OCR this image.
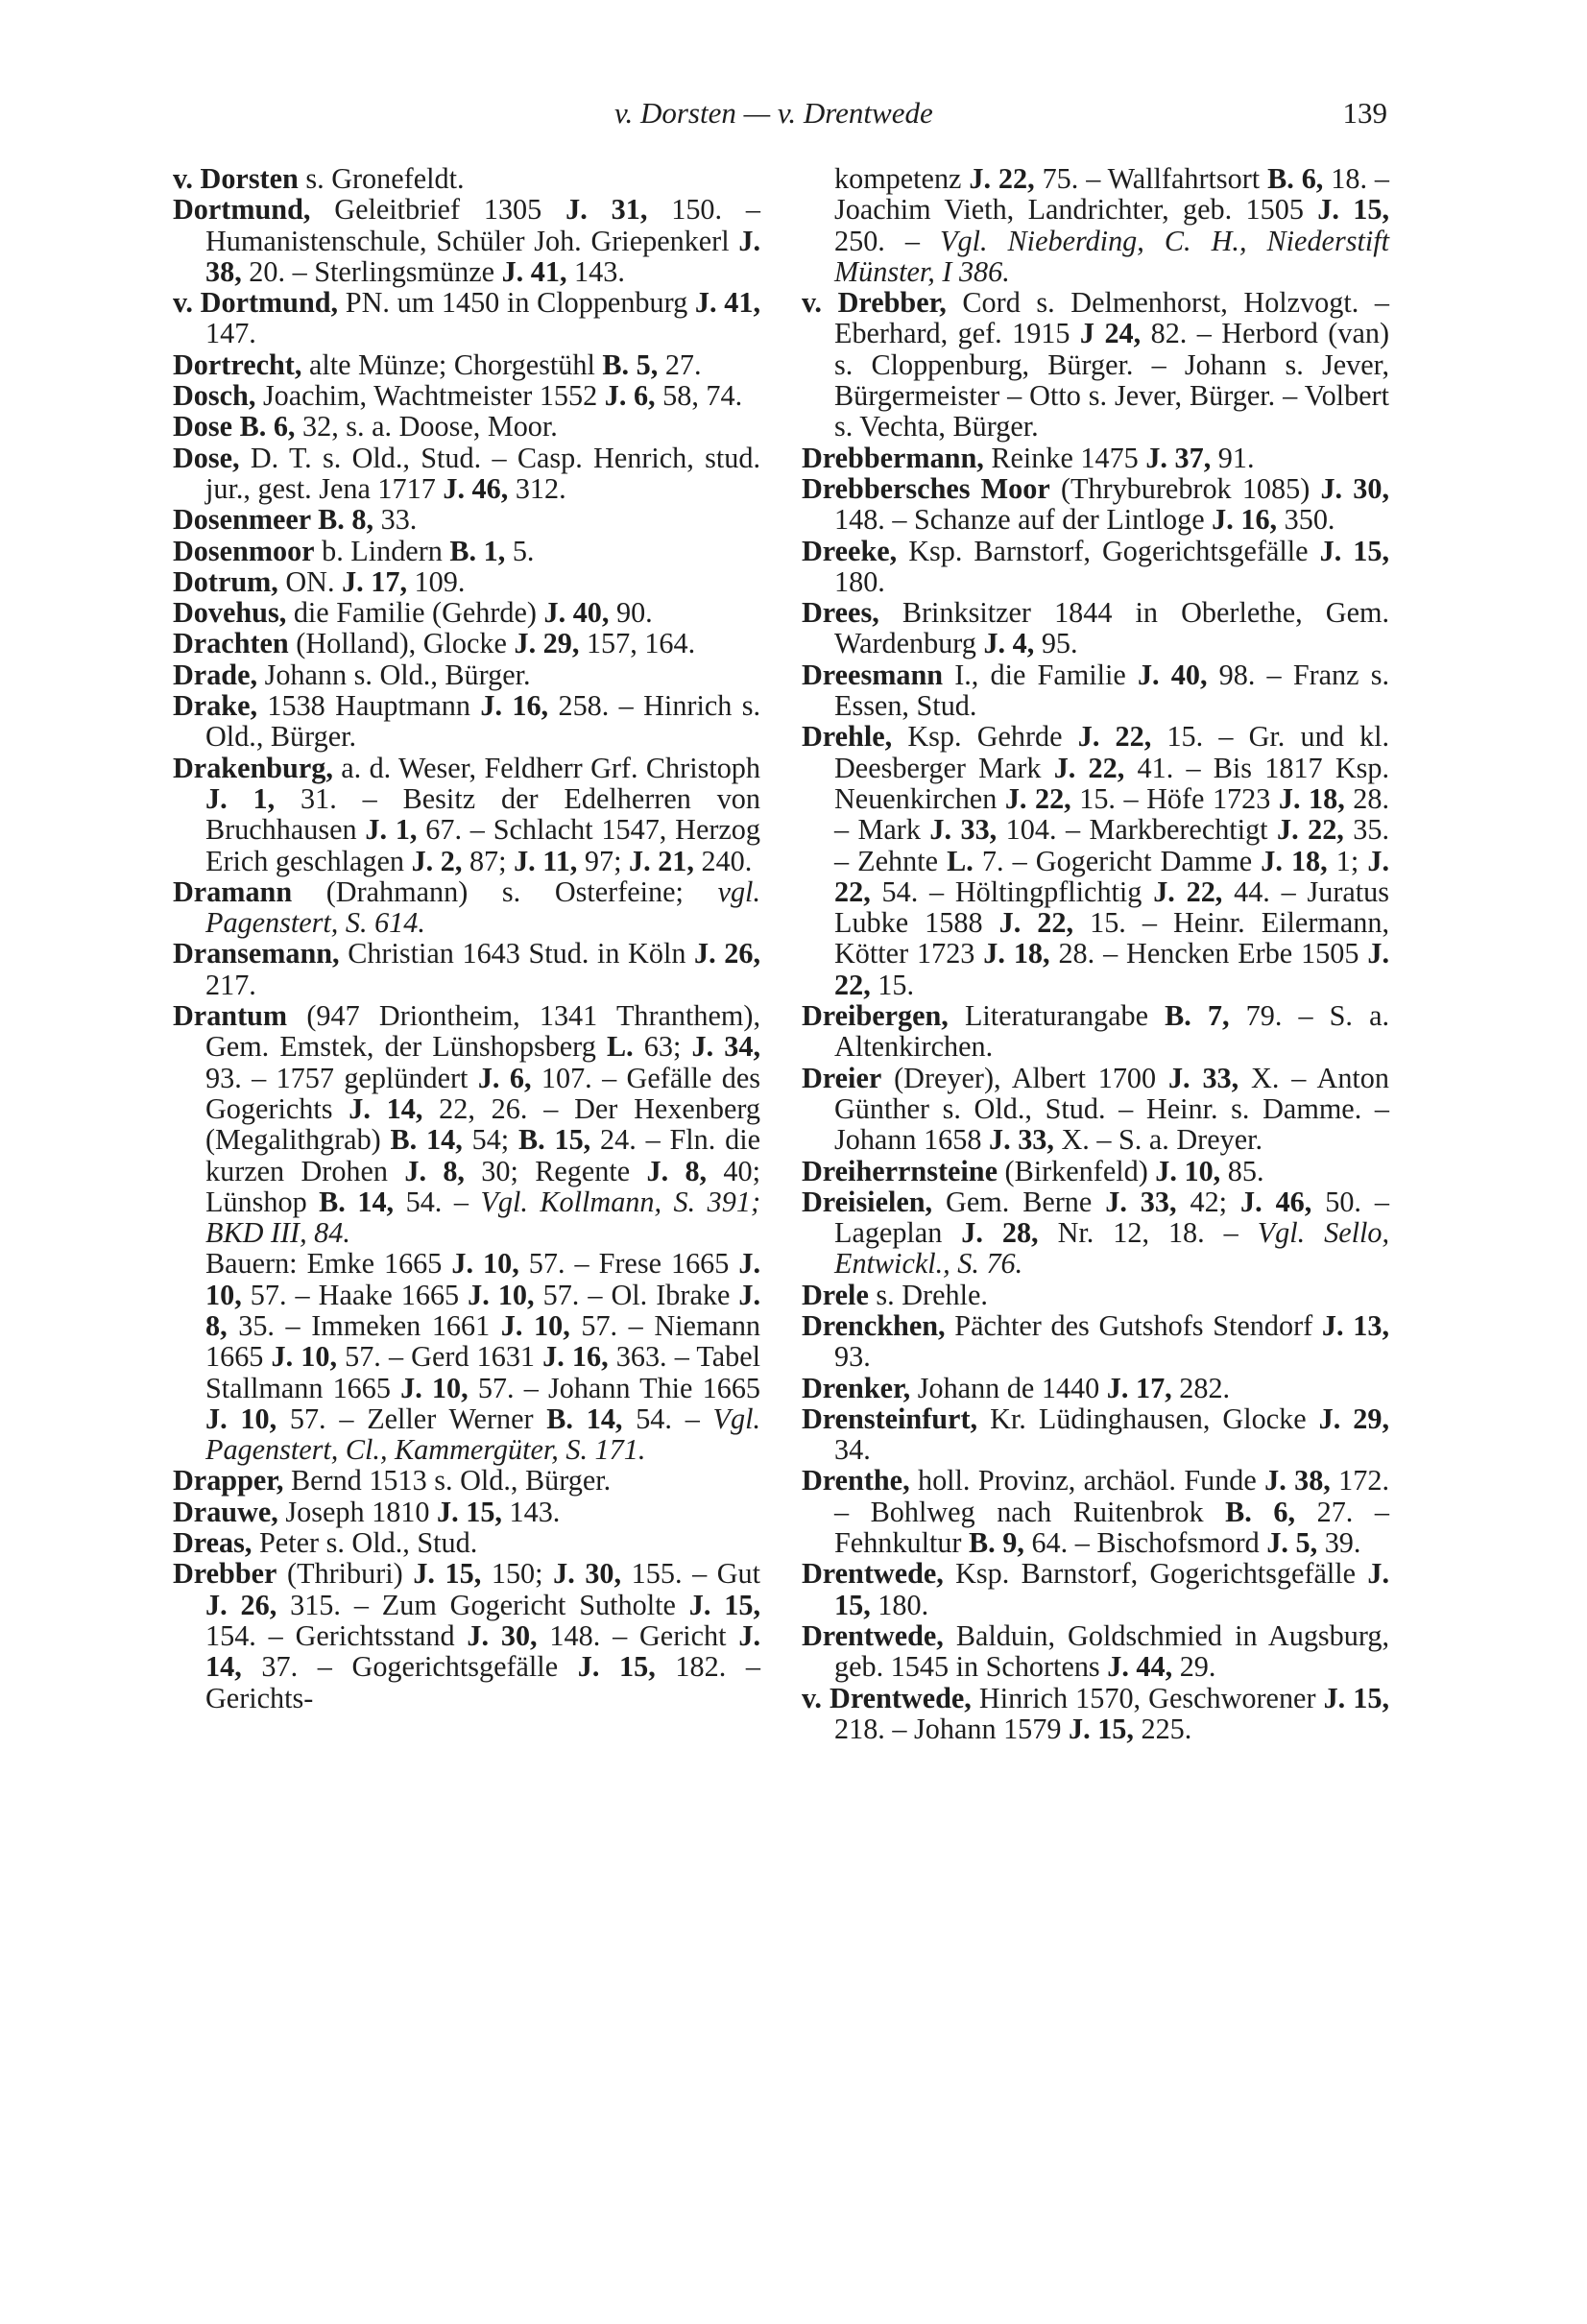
v. Dorsten — v. Drentwede	139

v. Dorsten s. Gronefeldt.

Dortmund, Geleitbrief 1305 J. 31, 150. – Humanistenschule, Schüler Joh. Griepenkerl J. 38, 20. – Sterlingsmünze J. 41, 143.

v. Dortmund, PN. um 1450 in Cloppenburg J. 41, 147.

Dortrecht, alte Münze; Chorgestühl B. 5, 27.

Dosch, Joachim, Wachtmeister 1552 J. 6, 58, 74.

Dose B. 6, 32, s. a. Doose, Moor.

Dose, D. T. s. Old., Stud. – Casp. Henrich, stud. jur., gest. Jena 1717 J. 46, 312.

Dosenmeer B. 8, 33.

Dosenmoor b. Lindern B. 1, 5.

Dotrum, ON. J. 17, 109.

Dovehus, die Familie (Gehrde) J. 40, 90.

Drachten (Holland), Glocke J. 29, 157, 164.

Drade, Johann s. Old., Bürger.

Drake, 1538 Hauptmann J. 16, 258. – Hinrich s. Old., Bürger.

Drakenburg, a. d. Weser, Feldherr Grf. Christoph J. 1, 31. – Besitz der Edelherren von Bruchhausen J. 1, 67. – Schlacht 1547, Herzog Erich geschlagen J. 2, 87; J. 11, 97; J. 21, 240.

Dramann (Drahmann) s. Osterfeine; vgl. Pagenstert, S. 614.

Dransemann, Christian 1643 Stud. in Köln J. 26, 217.

Drantum (947 Driontheim, 1341 Thranthem), Gem. Emstek, der Lünshopsberg L. 63; J. 34, 93. – 1757 geplündert J. 6, 107. – Gefälle des Gogerichts J. 14, 22, 26. – Der Hexenberg (Megalithgrab) B. 14, 54; B. 15, 24. – Fln. die kurzen Drohen J. 8, 30; Regente J. 8, 40; Lünshop B. 14, 54. – Vgl. Kollmann, S. 391; BKD III, 84.

Bauern: Emke 1665 J. 10, 57. – Frese 1665 J. 10, 57. – Haake 1665 J. 10, 57. – Ol. Ibrake J. 8, 35. – Immeken 1661 J. 10, 57. – Niemann 1665 J. 10, 57. – Gerd 1631 J. 16, 363. – Tabel Stallmann 1665 J. 10, 57. – Johann Thie 1665 J. 10, 57. – Zeller Werner B. 14, 54. – Vgl. Pagenstert, Cl., Kammergüter, S. 171.

Drapper, Bernd 1513 s. Old., Bürger.

Drauwe, Joseph 1810 J. 15, 143.

Dreas, Peter s. Old., Stud.

Drebber (Thriburi) J. 15, 150; J. 30, 155. – Gut J. 26, 315. – Zum Gogericht Sutholte J. 15, 154. – Gerichtsstand J. 30, 148. – Gericht J. 14, 37. – Gogerichtsgefälle J. 15, 182. – Gerichts-

kompetenz J. 22, 75. – Wallfahrtsort B. 6, 18. – Joachim Vieth, Landrichter, geb. 1505 J. 15, 250. – Vgl. Nieberding, C. H., Niederstift Münster, I 386.

v. Drebber, Cord s. Delmenhorst, Holzvogt. – Eberhard, gef. 1915 J 24, 82. – Herbord (van) s. Cloppenburg, Bürger. – Johann s. Jever, Bürgermeister – Otto s. Jever, Bürger. – Volbert s. Vechta, Bürger.

Drebbermann, Reinke 1475 J. 37, 91.

Drebbersches Moor (Thryburebrok 1085) J. 30, 148. – Schanze auf der Lintloge J. 16, 350.

Dreeke, Ksp. Barnstorf, Gogerichtsgefälle J. 15, 180.

Drees, Brinksitzer 1844 in Oberlethe, Gem. Wardenburg J. 4, 95.

Dreesmann I., die Familie J. 40, 98. – Franz s. Essen, Stud.

Drehle, Ksp. Gehrde J. 22, 15. – Gr. und kl. Deesberger Mark J. 22, 41. – Bis 1817 Ksp. Neuenkirchen J. 22, 15. – Höfe 1723 J. 18, 28. – Mark J. 33, 104. – Markberechtigt J. 22, 35. – Zehnte L. 7. – Gogericht Damme J. 18, 1; J. 22, 54. – Höltingpflichtig J. 22, 44. – Juratus Lubke 1588 J. 22, 15. – Heinr. Eilermann, Kötter 1723 J. 18, 28. – Hencken Erbe 1505 J. 22, 15.

Dreibergen, Literaturangabe B. 7, 79. – S. a. Altenkirchen.

Dreier (Dreyer), Albert 1700 J. 33, X. – Anton Günther s. Old., Stud. – Heinr. s. Damme. – Johann 1658 J. 33, X. – S. a. Dreyer.

Dreiherrnsteine (Birkenfeld) J. 10, 85.

Dreisielen, Gem. Berne J. 33, 42; J. 46, 50. – Lageplan J. 28, Nr. 12, 18. – Vgl. Sello, Entwickl., S. 76.

Drele s. Drehle.

Drenckhen, Pächter des Gutshofs Stendorf J. 13, 93.

Drenker, Johann de 1440 J. 17, 282.

Drensteinfurt, Kr. Lüdinghausen, Glocke J. 29, 34.

Drenthe, holl. Provinz, archäol. Funde J. 38, 172. – Bohlweg nach Ruitenbrok B. 6, 27. – Fehnkultur B. 9, 64. – Bischofsmord J. 5, 39.

Drentwede, Ksp. Barnstorf, Gogerichtsgefälle J. 15, 180.

Drentwede, Balduin, Goldschmied in Augsburg, geb. 1545 in Schortens J. 44, 29.

v. Drentwede, Hinrich 1570, Geschworener J. 15, 218. – Johann 1579 J. 15, 225.
